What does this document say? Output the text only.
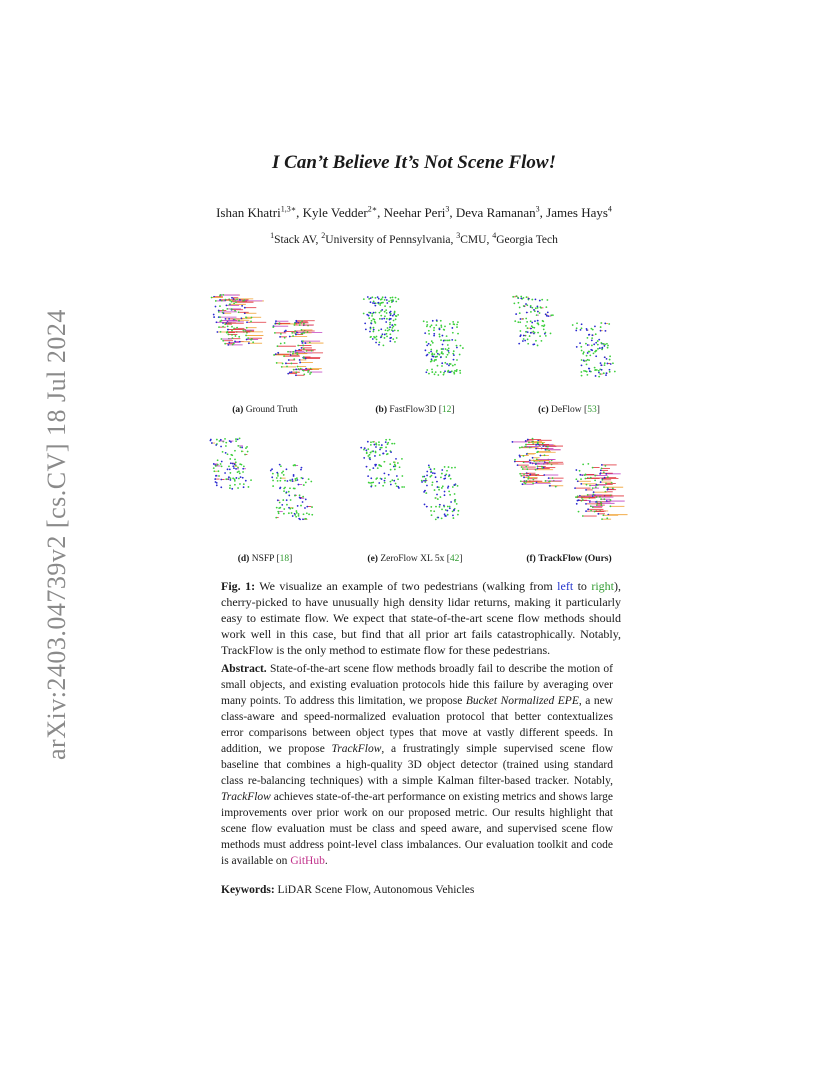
arXiv:2403.04739v2 [cs.CV] 18 Jul 2024
I Can’t Believe It’s Not Scene Flow!
Ishan Khatri$^{1,3∗}$, Kyle Vedder$^{2∗}$, Neehar Peri$^3$, Deva Ramanan$^3$, James Hays$^4$
$^1$Stack AV, $^2$University of Pennsylvania, $^3$CMU, $^4$Georgia Tech
(a) Ground Truth	(b) FastFlow3D [12]	(c) DeFlow [53]
(d) NSFP [18]	(e) ZeroFlow XL 5x [42]	(f) TrackFlow (Ours)
Fig. 1: We visualize an example of two pedestrians (walking from left to right), cherry-picked to have unusually high density lidar returns, making it particularly easy to estimate flow. We expect that state-of-the-art scene flow methods should work well in this case, but find that all prior art fails catastrophically. Notably, TrackFlow is the only method to estimate flow for these pedestrians.
Abstract. State-of-the-art scene flow methods broadly fail to describe the motion of small objects, and existing evaluation protocols hide this failure by averaging over many points. To address this limitation, we propose Bucket Normalized EPE, a new class-aware and speed-normalized evaluation protocol that better contextualizes error comparisons between object types that move at vastly different speeds. In addition, we propose TrackFlow, a frustratingly simple supervised scene flow baseline that combines a high-quality 3D object detector (trained using standard class re-balancing techniques) with a simple Kalman filter-based tracker. Notably, TrackFlow achieves state-of-the-art performance on existing metrics and shows large improvements over prior work on our proposed metric. Our results highlight that scene flow evaluation must be class and speed aware, and supervised scene flow methods must address point-level class imbalances. Our evaluation toolkit and code is available on GitHub.
Keywords: LiDAR Scene Flow, Autonomous Vehicles
